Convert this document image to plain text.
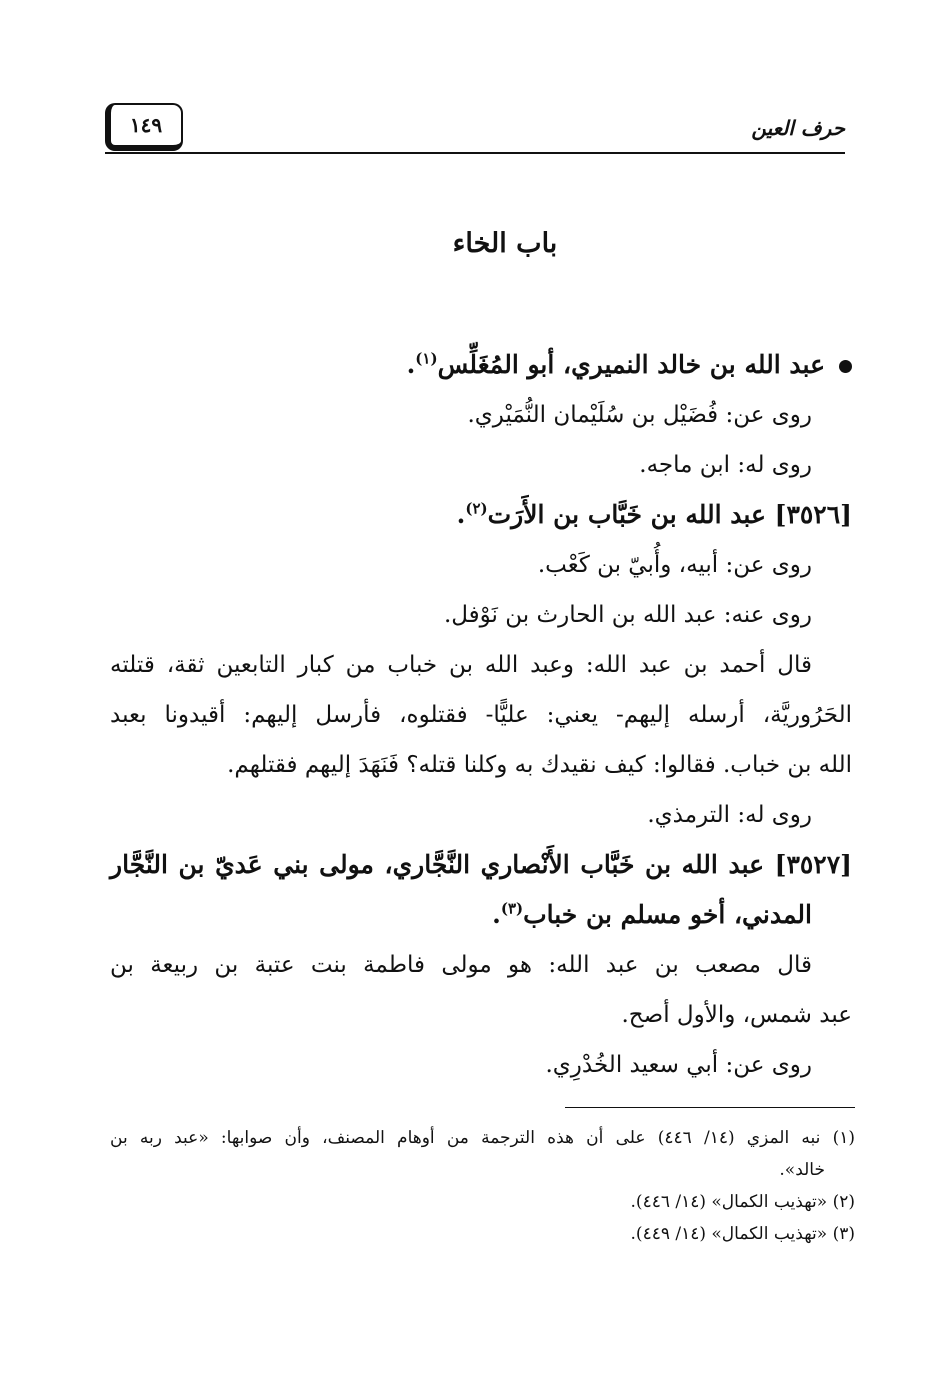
حرف العين
١٤٩
باب الخاء
عبد الله بن خالد النميري، أبو المُغَلِّس$^{(١)}$.
روى عن: فُضَيْل بن سُلَيْمان النُّمَيْري.
روى له: ابن ماجه.
[٣٥٢٦] عبد الله بن خَبَّاب بن الأَرَت$^{(٢)}$.
روى عن: أبيه، وأُبيّ بن كَعْب.
روى عنه: عبد الله بن الحارث بن نَوْفل.
قال أحمد بن عبد الله: وعبد الله بن خباب من كبار التابعين ثقة، قتلته
الحَرُوريَّة، أرسله إليهم- يعني: عليًّا- فقتلوه، فأرسل إليهم: أقيدونا بعبد
الله بن خباب. فقالوا: كيف نقيدك به وكلنا قتله؟ فَنَهَدَ إليهم فقتلهم.
روى له: الترمذي.
[٣٥٢٧] عبد الله بن خَبَّاب الأَنْصاري النَّجَّاري، مولى بني عَديّ بن النَّجَّار
المدني، أخو مسلم بن خباب$^{(٣)}$.
قال مصعب بن عبد الله: هو مولى فاطمة بنت عتبة بن ربيعة بن
عبد شمس، والأول أصح.
روى عن: أبي سعيد الخُدْرِي.
(١) نبه المزي (١٤/ ٤٤٦) على أن هذه الترجمة من أوهام المصنف، وأن صوابها: «عبد ربه بن
خالد».
(٢) «تهذيب الكمال» (١٤/ ٤٤٦).
(٣) «تهذيب الكمال» (١٤/ ٤٤٩).
